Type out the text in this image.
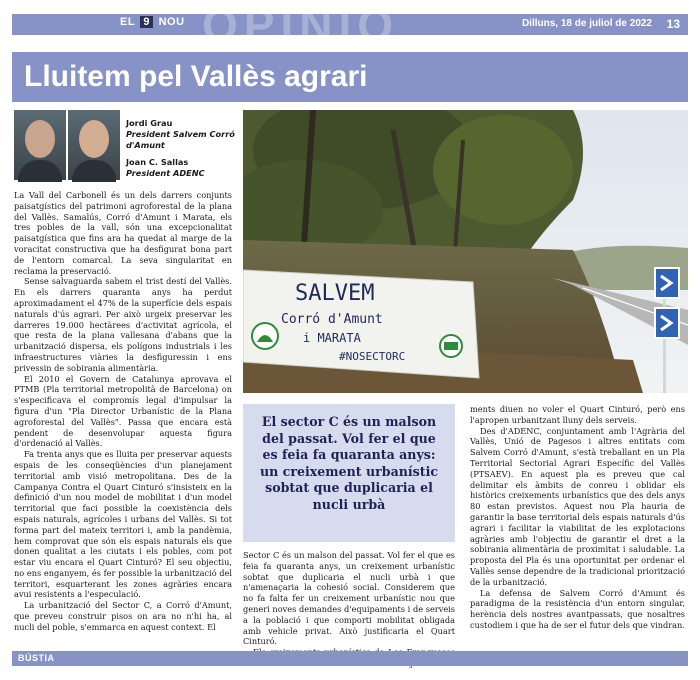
OPINIÓ
EL 9 NOU	Dilluns, 18 de juliol de 2022 13
Lluitem pel Vallès agrari
Jordi Grau
President Salvem Corró d'Amunt
Joan C. Sallas
President ADENC
SALVEM
Corró d'Amunt
i MARATA
#NOSECTORC

La Vall del Carbonell és un dels darrers conjunts paisatgístics del patrimoni agroforestal de la plana del Vallès. Samalús, Corró d'Amunt i Marata, els tres pobles de la vall, són una excepcionalitat paisatgística que fins ara ha quedat al marge de la voracitat constructiva que ha desfigurat bona part de l'entorn comarcal. La seva singularitat en reclama la preservació.

Sense salvaguarda sabem el trist destí del Vallès. En els darrers quaranta anys ha perdut aproximadament el 47% de la superfície dels espais naturals d'ús agrari. Per això urgeix preservar les darreres 19.000 hectàrees d'activitat agrícola, el que resta de la plana vallesana d'abans que la urbanització dispersa, els polígons industrials i les infraestructures viàries la desfiguressin i ens privessin de sobirania alimentària.

El 2010 el Govern de Catalunya aprovava el PTMB (Pla territorial metropolità de Barcelona) on s'especificava el compromís legal d'impulsar la figura d'un "Pla Director Urbanístic de la Plana agroforestal del Vallès". Passa que encara està pendent de desenvolupar aquesta figura d'ordenació al Vallès.

Fa trenta anys que es lluita per preservar aquests espais de les conseqüències d'un planejament territorial amb visió metropolitana. Des de la Campanya Contra el Quart Cinturó s'insisteix en la definició d'un nou model de mobilitat i d'un model territorial que faci possible la coexistència dels espais naturals, agrícoles i urbans del Vallès. Si tot forma part del mateix territori i, amb la pandèmia, hem comprovat que són els espais naturals els que donen qualitat a les ciutats i els pobles, com pot estar viu encara el Quart Cinturó? El seu objectiu, no ens enganyem, és fer possible la urbanització del territori, esquarterant les zones agràries encara avui resistents a l'especulació.

La urbanització del Sector C, a Corró d'Amunt, que preveu construir pisos on ara no n'hi ha, al nucli del poble, s'emmarca en aquest context. El

El sector C és un malson del passat. Vol fer el que es feia fa quaranta anys: un creixement urbanístic sobtat que duplicaria el nucli urbà

Sector C és un malson del passat. Vol fer el que es feia fa quaranta anys, un creixement urbanístic sobtat que duplicaria el nucli urbà i que n'amenaçaria la cohesió social. Considerem que no fa falta fer un creixement urbanístic nou que generi noves demandes d'equipaments i de serveis a la població i que comporti mobilitat obligada amb vehicle privat. Això justificaria el Quart Cinturó.

ments diuen no voler el Quart Cinturó, però ens l'apropen urbanitzant lluny dels serveis.

Des d'ADENC, conjuntament amb l'Agrària del Vallès, Unió de Pagesos i altres entitats com Salvem Corró d'Amunt, s'està treballant en un Pla Territorial Sectorial Agrari Específic del Vallès (PTSAEV). En aquest pla es preveu que cal delimitar els àmbits de conreu i oblidar els històrics creixements urbanístics que des dels anys 80 estan previstos. Aquest nou Pla hauria de garantir la base territorial dels espais naturals d'ús agrari i facilitar la viabilitat de les explotacions agràries amb l'objectiu de garantir el dret a la sobirania alimentària de proximitat i saludable. La proposta del Pla és una oportunitat per ordenar el Vallès sense dependre de la tradicional priorització de la urbanització.

La defensa de Salvem Corró d'Amunt és paradigma de la resistència d'un entorn singular, herència dels nostres avantpassats, que nosaltres custodiem i que ha de ser el futur dels que vindran.

BÚSTIA
